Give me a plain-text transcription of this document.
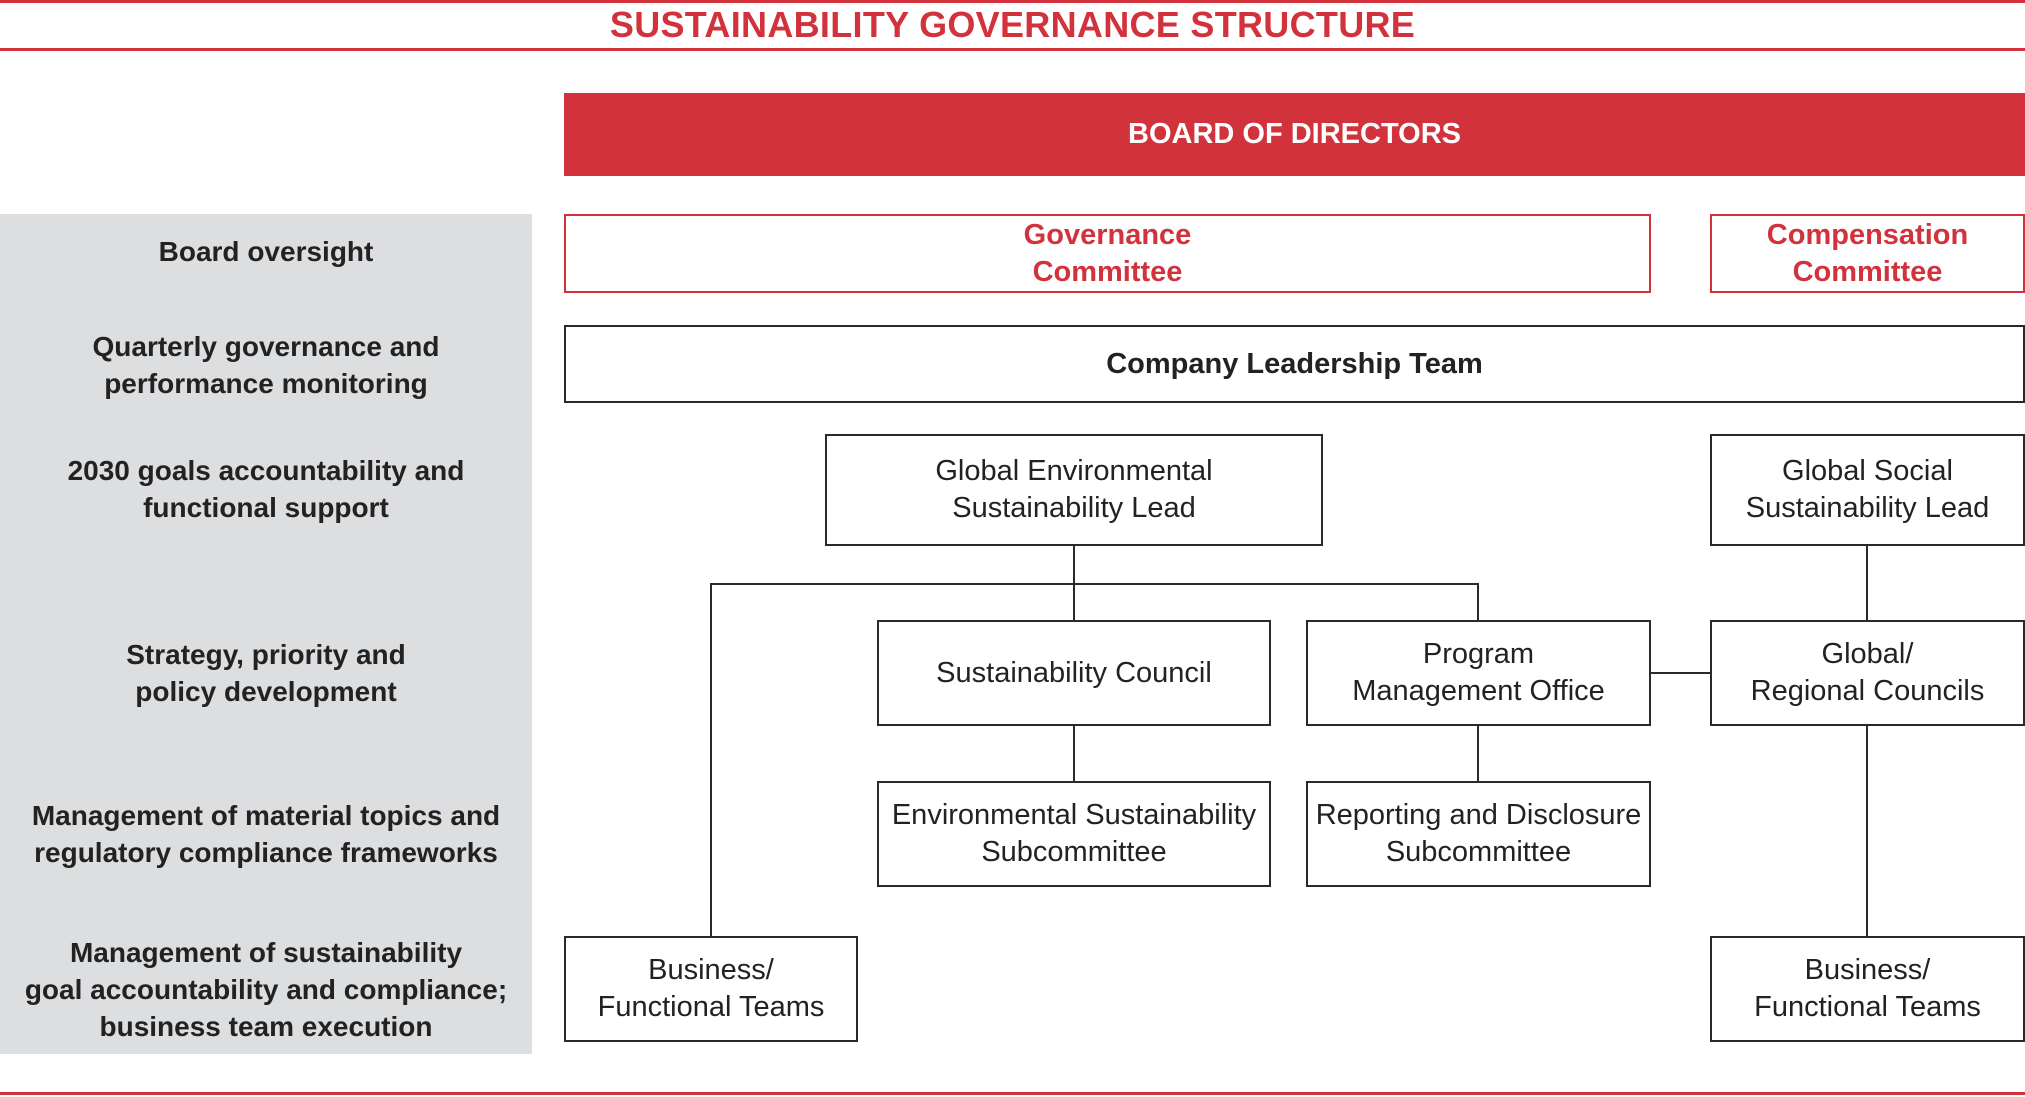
SUSTAINABILITY GOVERNANCE STRUCTURE
BOARD OF DIRECTORS
Board oversight
Quarterly governance and
performance monitoring
2030 goals accountability and
functional support
Strategy, priority and
policy development
Management of material topics and
regulatory compliance frameworks
Management of sustainability
goal accountability and compliance;
business team execution
Governance
Committee
Compensation
Committee
Company Leadership Team
Global Environmental
Sustainability Lead
Global Social
Sustainability Lead
Sustainability Council
Program
Management Office
Global/
Regional Councils
Environmental Sustainability
Subcommittee
Reporting and Disclosure
Subcommittee
Business/
Functional Teams
Business/
Functional Teams
